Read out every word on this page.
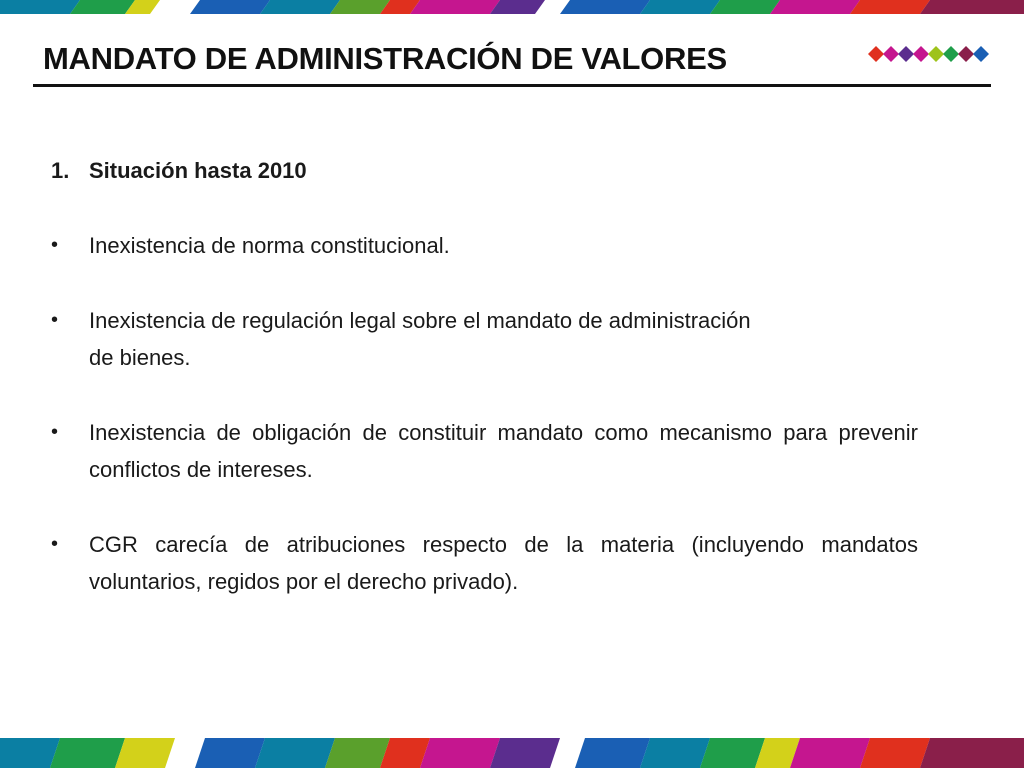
MANDATO DE ADMINISTRACIÓN DE VALORES
1. Situación hasta 2010
•	Inexistencia de norma constitucional.
•	Inexistencia de regulación legal sobre el mandato de administración de bienes.
•	Inexistencia de obligación de constituir mandato como mecanismo para prevenir conflictos de intereses.
•	CGR carecía de atribuciones respecto de la materia (incluyendo mandatos voluntarios, regidos por el derecho privado).
